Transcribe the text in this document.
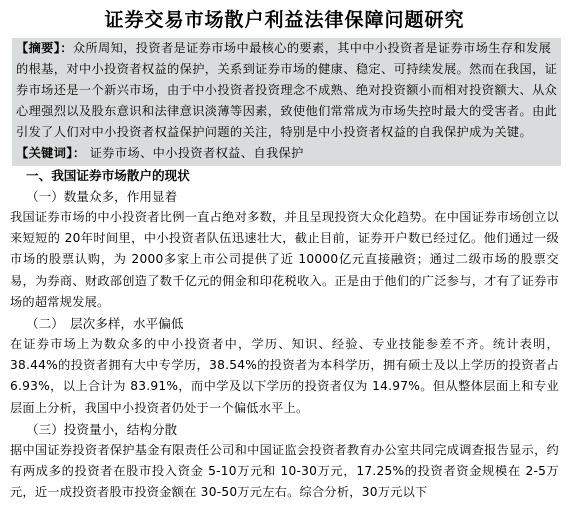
证券交易市场散户利益法律保障问题研究
【摘要】：众所周知，投资者是证券市场中最核心的要素，其中中小投资者是证券市场生存和发展的根基，对中小投资者权益的保护，关系到证券市场的健康、稳定、可持续发展。然而在我国，证券市场还是一个新兴市场，由于中小投资者投资理念不成熟、绝对投资额小而相对投资额大、从众心理强烈以及股东意识和法律意识淡薄等因素，致使他们常常成为市场失控时最大的受害者。由此引发了人们对中小投资者权益保护问题的关注，特别是中小投资者权益的自我保护成为关键。
【关键词】： 证券市场、中小投资者权益、自我保护
一、我国证券市场散户的现状
（一）数量众多，作用显着
我国证券市场的中小投资者比例一直占绝对多数，并且呈现投资大众化趋势。在中国证券市场创立以来短短的 20年时间里，中小投资者队伍迅速壮大，截止目前，证券开户数已经过亿。他们通过一级市场的股票认购，为 2000多家上市公司提供了近 10000亿元直接融资；通过二级市场的股票交易，为券商、财政部创造了数千亿元的佣金和印花税收入。正是由于他们的广泛参与，才有了证券市场的超常规发展。
（二）　层次多样，水平偏低
在证券市场上为数众多的中小投资者中，学历、知识、经验、专业技能参差不齐。统计表明，38.44%的投资者拥有大中专学历，38.54%的投资者为本科学历，拥有硕士及以上学历的投资者占 6.93%，以上合计为 83.91%，而中学及以下学历的投资者仅为 14.97%。但从整体层面上和专业层面上分析，我国中小投资者仍处于一个偏低水平上。
（三）投资量小，结构分散
据中国证券投资者保护基金有限责任公司和中国证监会投资者教育办公室共同完成调查报告显示，约有两成多的投资者在股市投入资金 5-10万元和 10-30万元，17.25%的投资者资金规模在 2-5万元，近一成投资者股市投资金额在 30-50万元左右。综合分析，30万元以下
